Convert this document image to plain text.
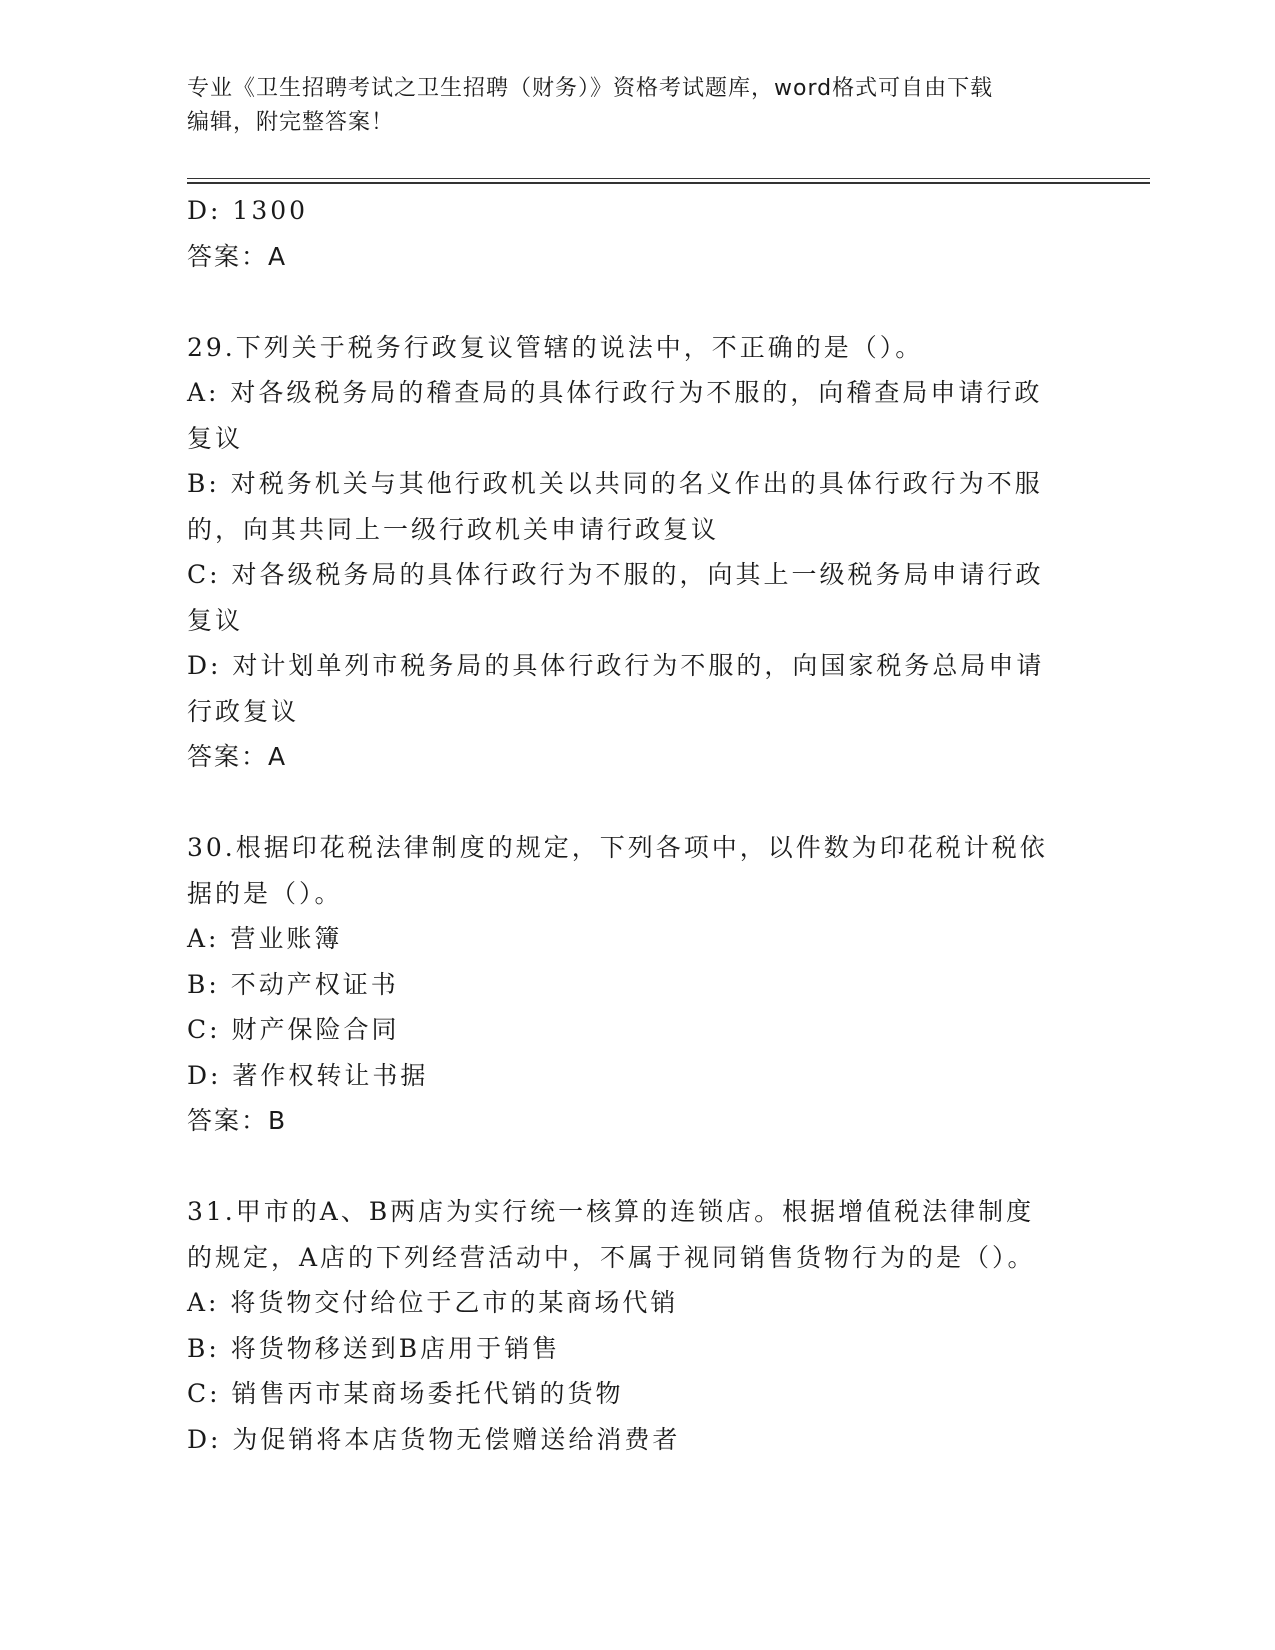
专业《卫生招聘考试之卫生招聘（财务）》资格考试题库，word格式可自由下载
编辑，附完整答案！
D: 1300
答案：A
29.下列关于税务行政复议管辖的说法中，不正确的是（）。
A: 对各级税务局的稽查局的具体行政行为不服的，向稽查局申请行政
复议
B: 对税务机关与其他行政机关以共同的名义作出的具体行政行为不服
的，向其共同上一级行政机关申请行政复议
C: 对各级税务局的具体行政行为不服的，向其上一级税务局申请行政
复议
D: 对计划单列市税务局的具体行政行为不服的，向国家税务总局申请
行政复议
答案：A
30.根据印花税法律制度的规定，下列各项中，以件数为印花税计税依
据的是（）。
A: 营业账簿
B: 不动产权证书
C: 财产保险合同
D: 著作权转让书据
答案：B
31.甲市的A、B两店为实行统一核算的连锁店。根据增值税法律制度
的规定，A店的下列经营活动中，不属于视同销售货物行为的是（）。
A: 将货物交付给位于乙市的某商场代销
B: 将货物移送到B店用于销售
C: 销售丙市某商场委托代销的货物
D: 为促销将本店货物无偿赠送给消费者
